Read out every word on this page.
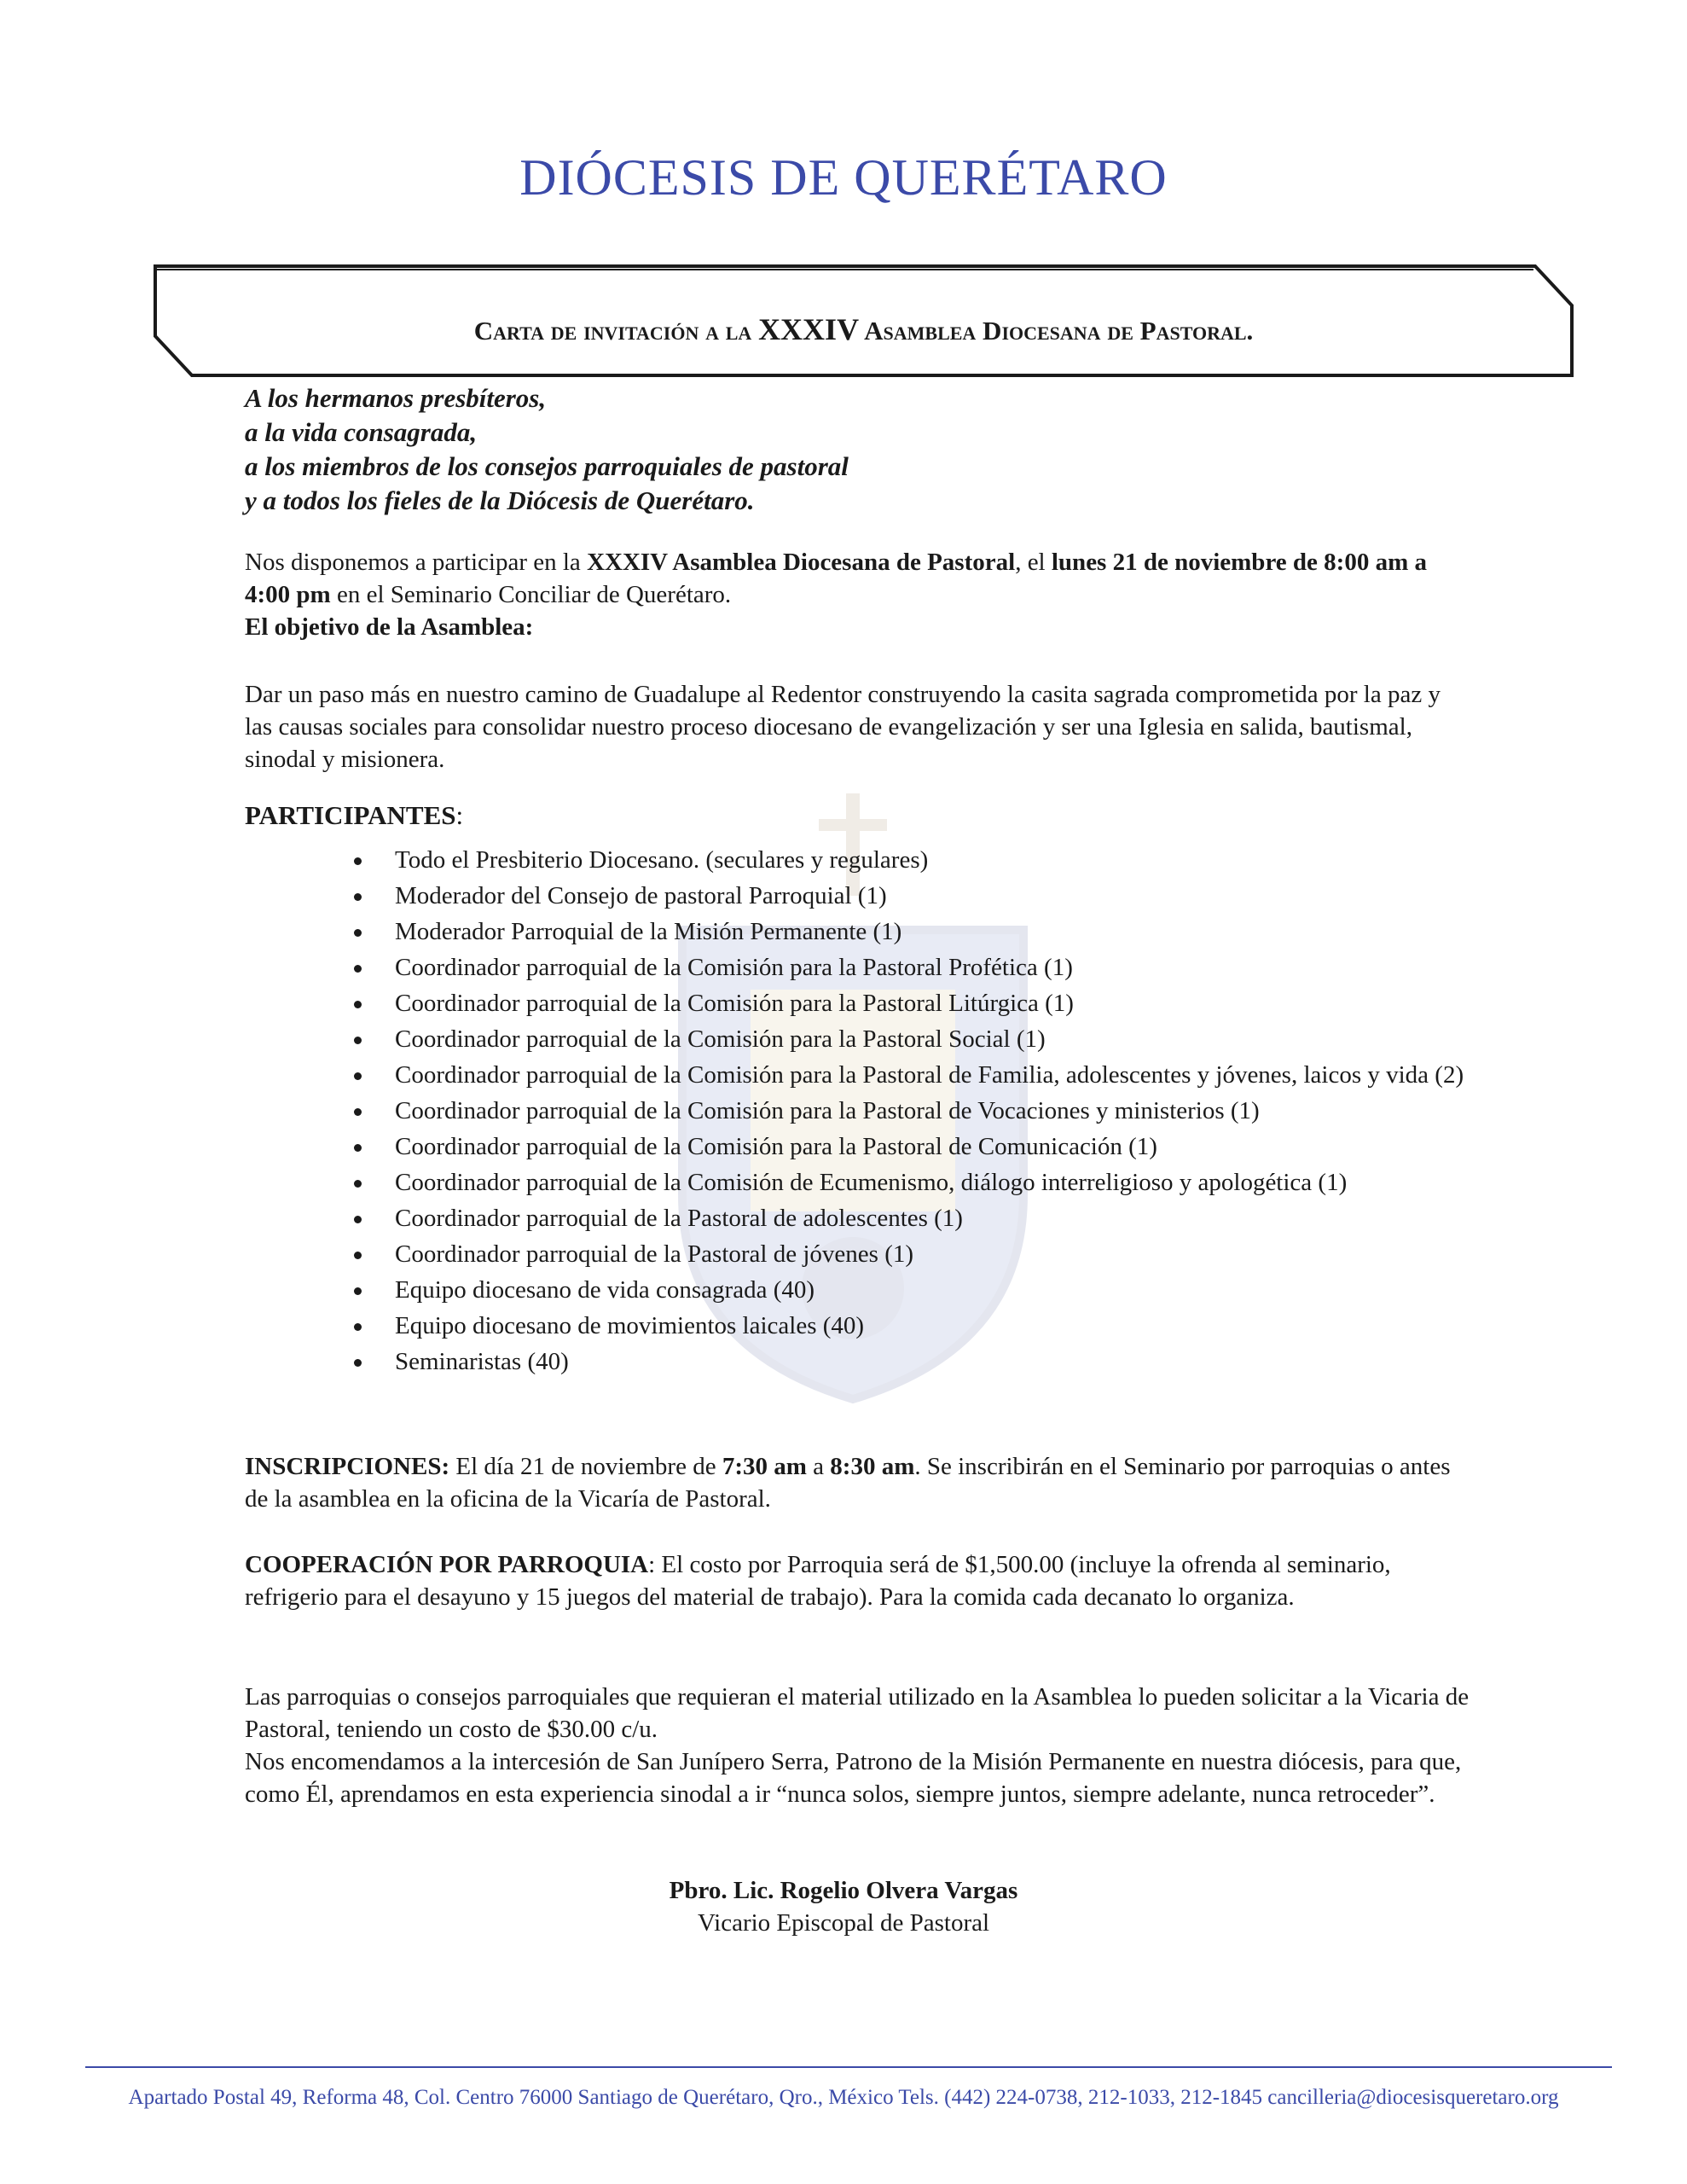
DIÓCESIS DE QUERÉTARO
Carta de invitación a la XXXIV Asamblea Diocesana de Pastoral.
A los hermanos presbíteros,
a la vida consagrada,
a los miembros de los consejos parroquiales de pastoral
y a todos los fieles de la Diócesis de Querétaro.
Nos disponemos a participar en la XXXIV Asamblea Diocesana de Pastoral, el lunes 21 de noviembre de 8:00 am a 4:00 pm en el Seminario Conciliar de Querétaro.
El objetivo de la Asamblea:
Dar un paso más en nuestro camino de Guadalupe al Redentor construyendo la casita sagrada comprometida por la paz y las causas sociales para consolidar nuestro proceso diocesano de evangelización y ser una Iglesia en salida, bautismal, sinodal y misionera.
PARTICIPANTES:
Todo el Presbiterio Diocesano. (seculares y regulares)
Moderador del Consejo de pastoral Parroquial (1)
Moderador Parroquial de la Misión Permanente (1)
Coordinador parroquial de la Comisión para la Pastoral Profética (1)
Coordinador parroquial de la Comisión para la Pastoral Litúrgica (1)
Coordinador parroquial de la Comisión para la Pastoral Social (1)
Coordinador parroquial de la Comisión para la Pastoral de Familia, adolescentes y jóvenes, laicos y vida (2)
Coordinador parroquial de la Comisión para la Pastoral de Vocaciones y ministerios (1)
Coordinador parroquial de la Comisión para la Pastoral de Comunicación (1)
Coordinador parroquial de la Comisión de Ecumenismo, diálogo interreligioso y apologética (1)
Coordinador parroquial de la Pastoral de adolescentes (1)
Coordinador parroquial de la Pastoral de jóvenes (1)
Equipo diocesano de vida consagrada (40)
Equipo diocesano de movimientos laicales (40)
Seminaristas (40)
INSCRIPCIONES: El día 21 de noviembre de 7:30 am a 8:30 am. Se inscribirán en el Seminario por parroquias o antes de la asamblea en la oficina de la Vicaría de Pastoral.
COOPERACIÓN POR PARROQUIA: El costo por Parroquia será de $1,500.00 (incluye la ofrenda al seminario, refrigerio para el desayuno y 15 juegos del material de trabajo). Para la comida cada decanato lo organiza.
Las parroquias o consejos parroquiales que requieran el material utilizado en la Asamblea lo pueden solicitar a la Vicaria de Pastoral, teniendo un costo de $30.00 c/u.
Nos encomendamos a la intercesión de San Junípero Serra, Patrono de la Misión Permanente en nuestra diócesis, para que, como Él, aprendamos en esta experiencia sinodal a ir “nunca solos, siempre juntos, siempre adelante, nunca retroceder”.
Pbro. Lic. Rogelio Olvera Vargas
Vicario Episcopal de Pastoral
Apartado Postal 49, Reforma 48, Col. Centro 76000 Santiago de Querétaro, Qro., México Tels. (442) 224-0738, 212-1033, 212-1845 cancilleria@diocesisqueretaro.org
